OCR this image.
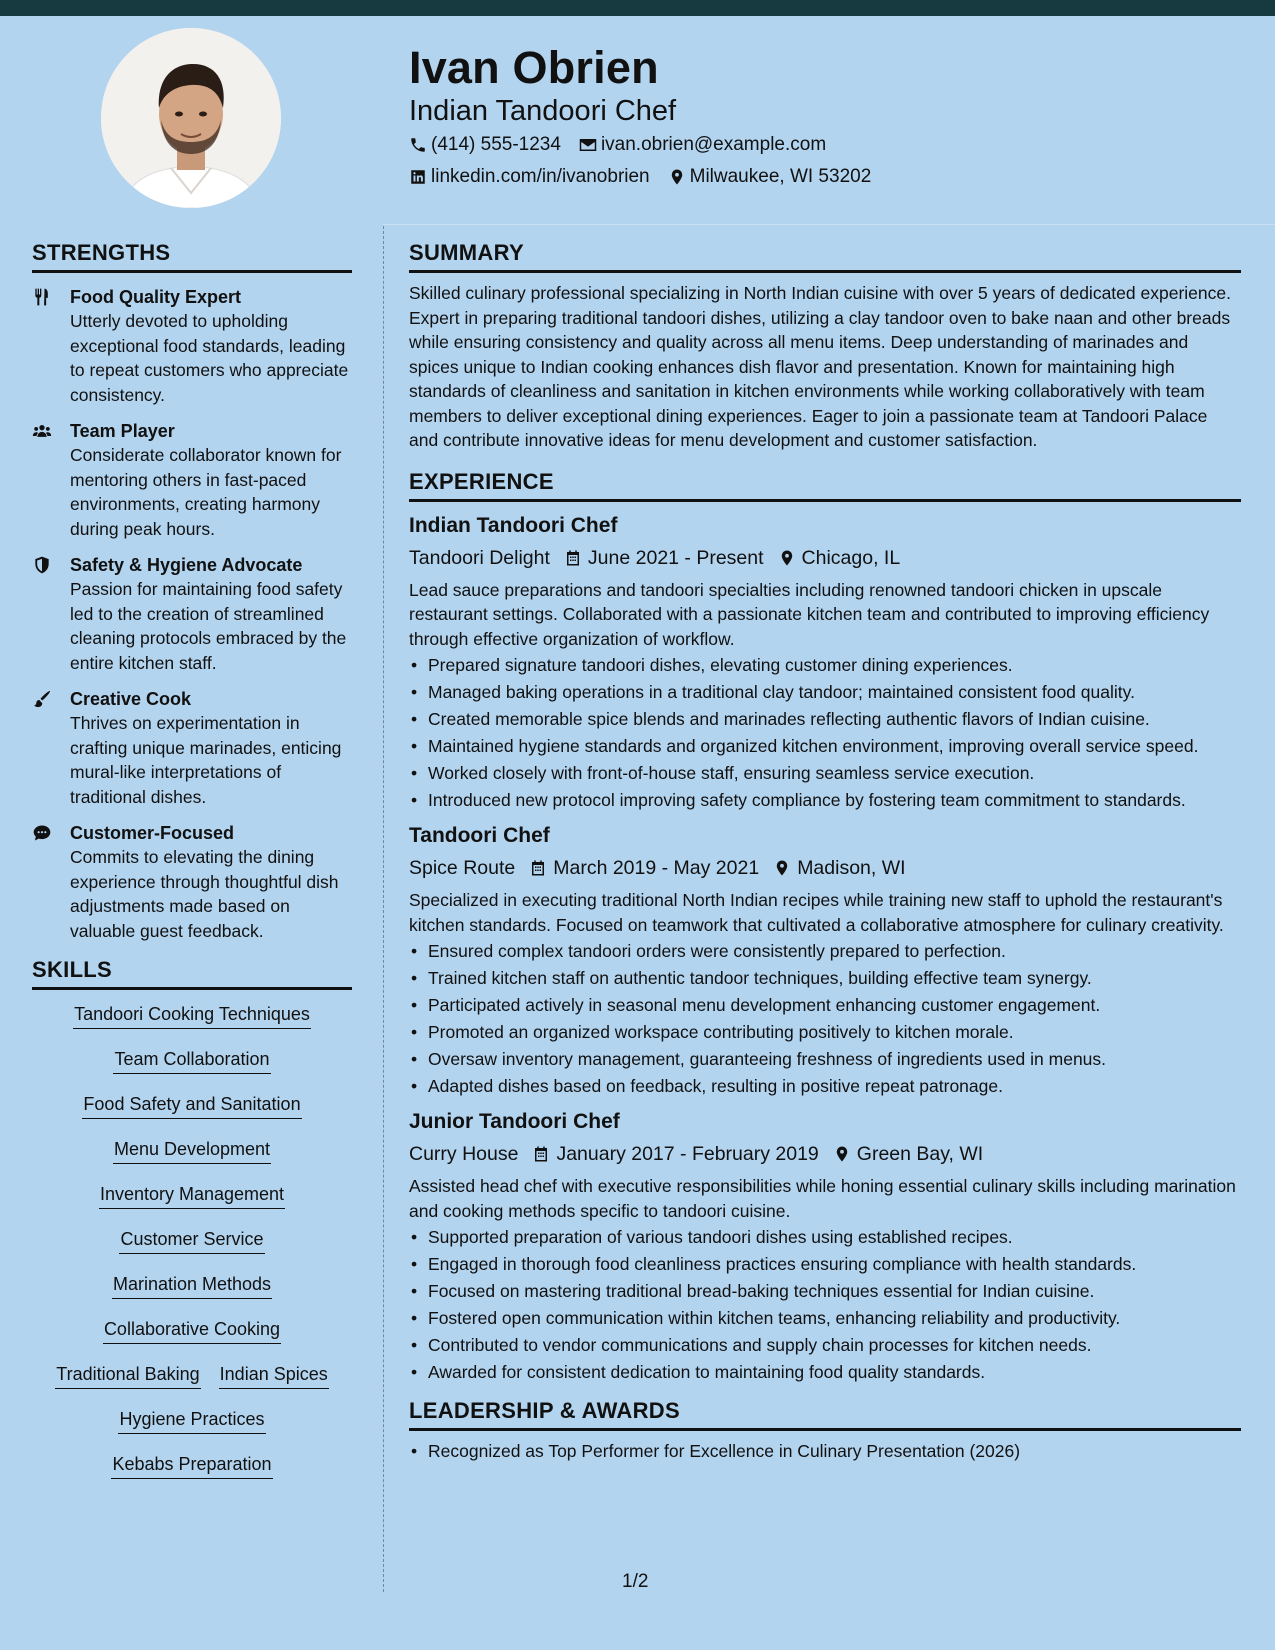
Ivan Obrien
Indian Tandoori Chef
(414) 555-1234 ivan.obrien@example.com
linkedin.com/in/ivanobrien Milwaukee, WI 53202
STRENGTHS
Food Quality Expert
Utterly devoted to upholding exceptional food standards, leading to repeat customers who appreciate consistency.
Team Player
Considerate collaborator known for mentoring others in fast-paced environments, creating harmony during peak hours.
Safety & Hygiene Advocate
Passion for maintaining food safety led to the creation of streamlined cleaning protocols embraced by the entire kitchen staff.
Creative Cook
Thrives on experimentation in crafting unique marinades, enticing mural-like interpretations of traditional dishes.
Customer-Focused
Commits to elevating the dining experience through thoughtful dish adjustments made based on valuable guest feedback.
SKILLS
Tandoori Cooking Techniques
Team Collaboration
Food Safety and Sanitation
Menu Development
Inventory Management
Customer Service
Marination Methods
Collaborative Cooking
Traditional Baking Indian Spices
Hygiene Practices
Kebabs Preparation
SUMMARY
Skilled culinary professional specializing in North Indian cuisine with over 5 years of dedicated experience. Expert in preparing traditional tandoori dishes, utilizing a clay tandoor oven to bake naan and other breads while ensuring consistency and quality across all menu items. Deep understanding of marinades and spices unique to Indian cooking enhances dish flavor and presentation. Known for maintaining high standards of cleanliness and sanitation in kitchen environments while working collaboratively with team members to deliver exceptional dining experiences. Eager to join a passionate team at Tandoori Palace and contribute innovative ideas for menu development and customer satisfaction.
EXPERIENCE
Indian Tandoori Chef
Tandoori Delight June 2021 - Present Chicago, IL
Lead sauce preparations and tandoori specialties including renowned tandoori chicken in upscale restaurant settings. Collaborated with a passionate kitchen team and contributed to improving efficiency through effective organization of workflow.
• Prepared signature tandoori dishes, elevating customer dining experiences.
• Managed baking operations in a traditional clay tandoor; maintained consistent food quality.
• Created memorable spice blends and marinades reflecting authentic flavors of Indian cuisine.
• Maintained hygiene standards and organized kitchen environment, improving overall service speed.
• Worked closely with front-of-house staff, ensuring seamless service execution.
• Introduced new protocol improving safety compliance by fostering team commitment to standards.
Tandoori Chef
Spice Route March 2019 - May 2021 Madison, WI
Specialized in executing traditional North Indian recipes while training new staff to uphold the restaurant's kitchen standards. Focused on teamwork that cultivated a collaborative atmosphere for culinary creativity.
• Ensured complex tandoori orders were consistently prepared to perfection.
• Trained kitchen staff on authentic tandoor techniques, building effective team synergy.
• Participated actively in seasonal menu development enhancing customer engagement.
• Promoted an organized workspace contributing positively to kitchen morale.
• Oversaw inventory management, guaranteeing freshness of ingredients used in menus.
• Adapted dishes based on feedback, resulting in positive repeat patronage.
Junior Tandoori Chef
Curry House January 2017 - February 2019 Green Bay, WI
Assisted head chef with executive responsibilities while honing essential culinary skills including marination and cooking methods specific to tandoori cuisine.
• Supported preparation of various tandoori dishes using established recipes.
• Engaged in thorough food cleanliness practices ensuring compliance with health standards.
• Focused on mastering traditional bread-baking techniques essential for Indian cuisine.
• Fostered open communication within kitchen teams, enhancing reliability and productivity.
• Contributed to vendor communications and supply chain processes for kitchen needs.
• Awarded for consistent dedication to maintaining food quality standards.
LEADERSHIP & AWARDS
• Recognized as Top Performer for Excellence in Culinary Presentation (2026)
1/2
